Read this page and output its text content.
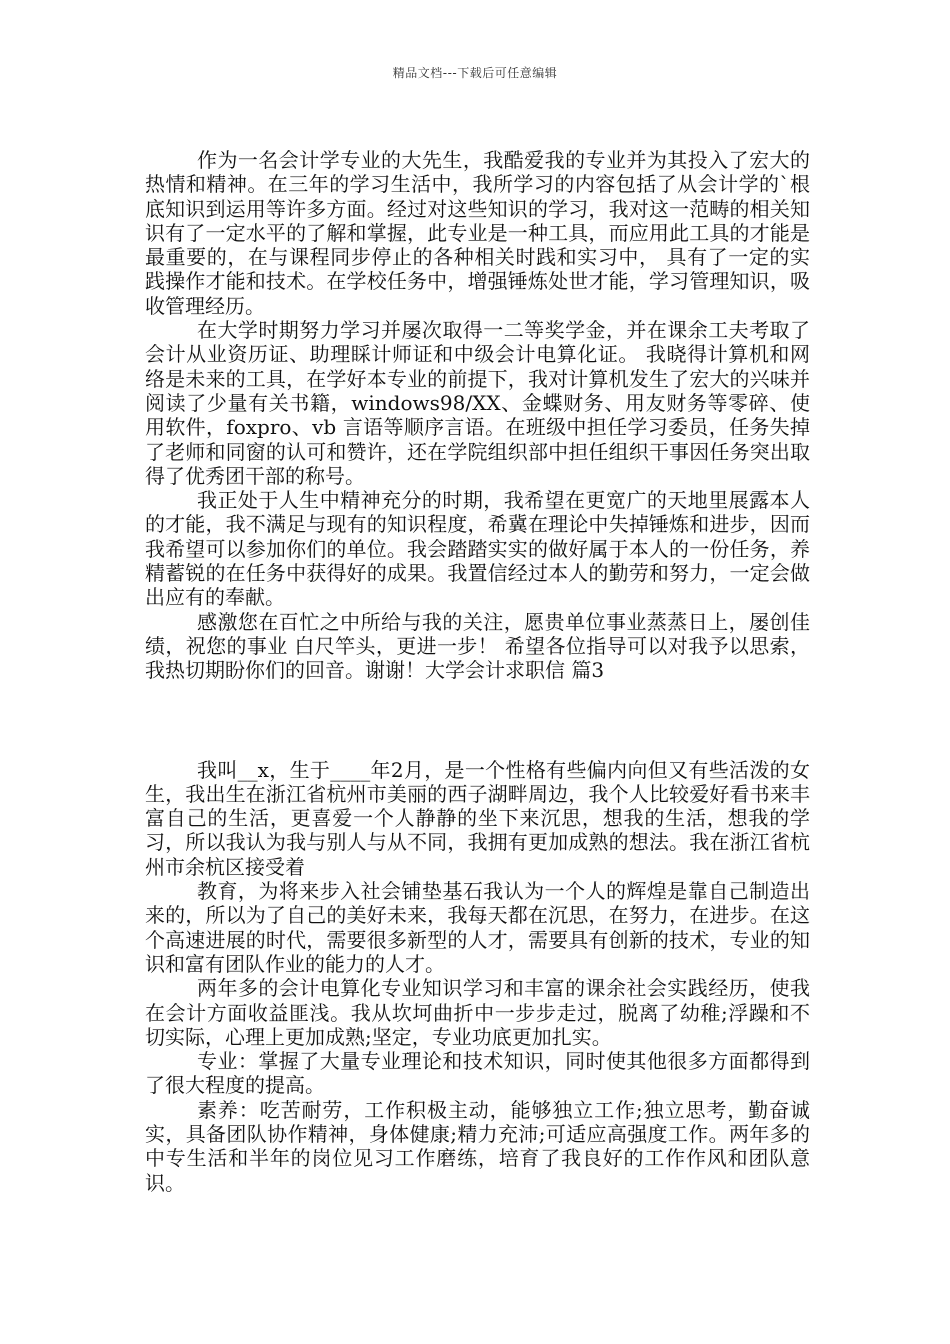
精品文档---下载后可任意编辑

作为一名会计学专业的大先生，我酷爱我的专业并为其投入了宏大的热情和精神。在三年的学习生活中，我所学习的内容包括了从会计学的`根底知识到运用等许多方面。经过对这些知识的学习，我对这一范畴的相关知识有了一定水平的了解和掌握，此专业是一种工具，而应用此工具的才能是最重要的，在与课程同步停止的各种相关时践和实习中， 具有了一定的实践操作才能和技术。在学校任务中，增强锤炼处世才能，学习管理知识，吸收管理经历。

在大学时期努力学习并屡次取得一二等奖学金，并在课余工夫考取了会计从业资历证、助理睬计师证和中级会计电算化证。 我晓得计算机和网络是未来的工具，在学好本专业的前提下，我对计算机发生了宏大的兴味并阅读了少量有关书籍，windows98/XX、金蝶财务、用友财务等零碎、使用软件，foxpro、vb 言语等顺序言语。在班级中担任学习委员，任务失掉了老师和同窗的认可和赞许，还在学院组织部中担任组织干事因任务突出取得了优秀团干部的称号。

我正处于人生中精神充分的时期，我希望在更宽广的天地里展露本人的才能，我不满足与现有的知识程度，希冀在理论中失掉锤炼和进步，因而我希望可以参加你们的单位。我会踏踏实实的做好属于本人的一份任务，养精蓄锐的在任务中获得好的成果。我置信经过本人的勤劳和努力，一定会做出应有的奉献。

感激您在百忙之中所给与我的关注，愿贵单位事业蒸蒸日上，屡创佳绩，祝您的事业 白尺竿头，更进一步！ 希望各位指导可以对我予以思索，我热切期盼你们的回音。谢谢！大学会计求职信 篇3

我叫__x，生于____年2月，是一个性格有些偏内向但又有些活泼的女生，我出生在浙江省杭州市美丽的西子湖畔周边，我个人比较爱好看书来丰富自己的生活，更喜爱一个人静静的坐下来沉思，想我的生活，想我的学习，所以我认为我与别人与从不同，我拥有更加成熟的想法。我在浙江省杭州市余杭区接受着

教育，为将来步入社会铺垫基石我认为一个人的辉煌是靠自己制造出来的，所以为了自己的美好未来，我每天都在沉思，在努力，在进步。在这个高速进展的时代，需要很多新型的人才，需要具有创新的技术，专业的知识和富有团队作业的能力的人才。

两年多的会计电算化专业知识学习和丰富的课余社会实践经历，使我在会计方面收益匪浅。我从坎坷曲折中一步步走过，脱离了幼稚;浮躁和不切实际，心理上更加成熟;坚定，专业功底更加扎实。

专业：掌握了大量专业理论和技术知识，同时使其他很多方面都得到了很大程度的提高。

素养：吃苦耐劳，工作积极主动，能够独立工作;独立思考，勤奋诚实，具备团队协作精神，身体健康;精力充沛;可适应高强度工作。两年多的中专生活和半年的岗位见习工作磨练，培育了我良好的工作作风和团队意识。
